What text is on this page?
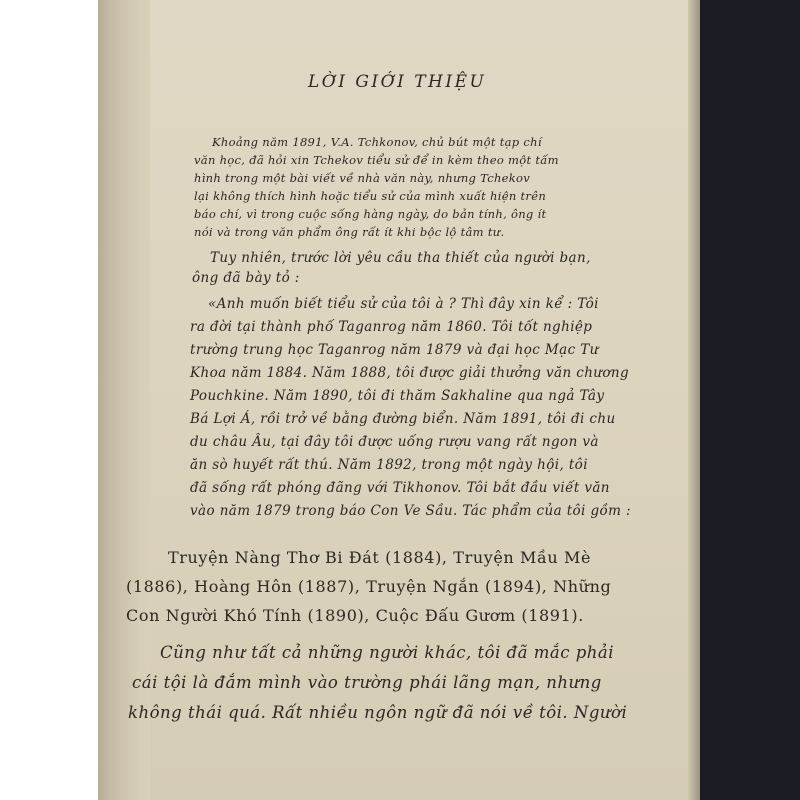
LỜI GIỚI THIỆU

Khoảng năm 1891, V.A. Tchkonov, chủ bút một tạp chí

văn học, đã hỏi xin Tchekov tiểu sử để in kèm theo một tấm

hình trong một bài viết về nhà văn này, nhưng Tchekov

lại không thích hình hoặc tiểu sử của mình xuất hiện trên

báo chí, vì trong cuộc sống hàng ngày, do bản tính, ông ít

nói và trong văn phẩm ông rất ít khi bộc lộ tâm tư.

Tuy nhiên, trước lời yêu cầu tha thiết của người bạn,

ông đã bày tỏ :

«Anh muốn biết tiểu sử của tôi à ? Thì đây xin kể : Tôi

ra đời tại thành phố Taganrog năm 1860. Tôi tốt nghiệp

trường trung học Taganrog năm 1879 và đại học Mạc Tư

Khoa năm 1884. Năm 1888, tôi được giải thưởng văn chương

Pouchkine. Năm 1890, tôi đi thăm Sakhaline qua ngả Tây

Bá Lợi Á, rồi trở về bằng đường biển. Năm 1891, tôi đi chu

du châu Âu, tại đây tôi được uống rượu vang rất ngon và

ăn sò huyết rất thú. Năm 1892, trong một ngày hội, tôi

đã sống rất phóng đãng với Tikhonov. Tôi bắt đầu viết văn

vào năm 1879 trong báo Con Ve Sầu. Tác phẩm của tôi gồm :

Truyện Nàng Thơ Bi Đát (1884), Truyện Mầu Mè

(1886), Hoàng Hôn (1887), Truyện Ngắn (1894), Những

Con Người Khó Tính (1890), Cuộc Đấu Gươm (1891).

Cũng như tất cả những người khác, tôi đã mắc phải

cái tội là đắm mình vào trường phái lãng mạn, nhưng

không thái quá. Rất nhiều ngôn ngữ đã nói về tôi. Người
